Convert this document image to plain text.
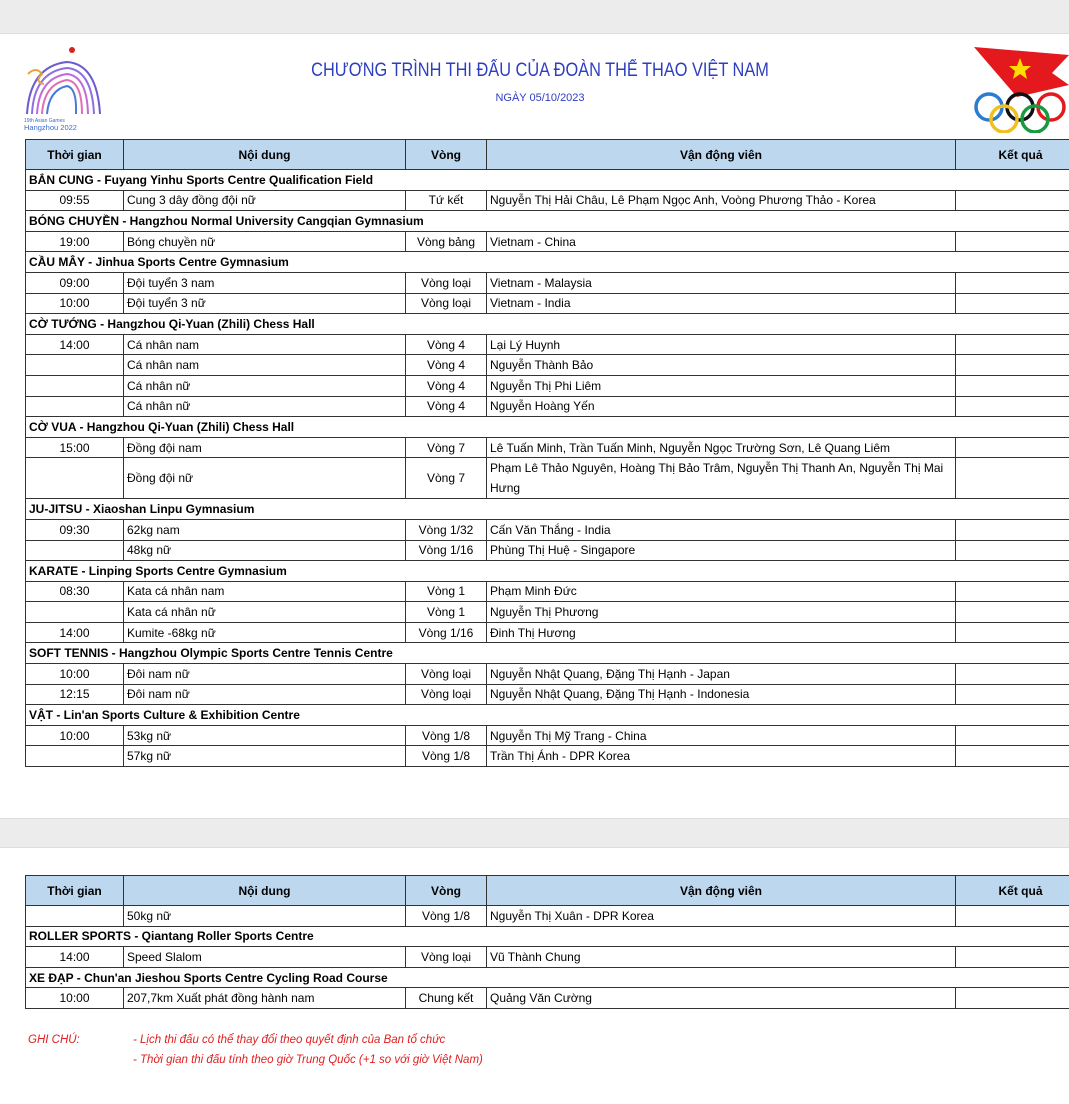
19th Asian Games
Hangzhou 2022
CHƯƠNG TRÌNH THI ĐẤU CỦA ĐOÀN THỂ THAO VIỆT NAM
NGÀY 05/10/2023
Thời gian	Nội dung	Vòng	Vận động viên	Kết quả
BẮN CUNG - Fuyang Yinhu Sports Centre Qualification Field				
09:55	Cung 3 dây đồng đội nữ	Tứ kết	Nguyễn Thị Hải Châu, Lê Phạm Ngọc Anh, Voòng Phương Thảo - Korea	
BÓNG CHUYỀN - Hangzhou Normal University Cangqian Gymnasium				
19:00	Bóng chuyền nữ	Vòng bảng	Vietnam - China	
CẦU MÂY - Jinhua Sports Centre Gymnasium				
09:00	Đội tuyển 3 nam	Vòng loại	Vietnam - Malaysia	
10:00	Đội tuyển 3 nữ	Vòng loại	Vietnam - India	
CỜ TƯỚNG - Hangzhou Qi-Yuan (Zhili) Chess Hall				
14:00	Cá nhân nam	Vòng 4	Lại Lý Huynh	
	Cá nhân nam	Vòng 4	Nguyễn Thành Bảo	
	Cá nhân nữ	Vòng 4	Nguyễn Thị Phi Liêm	
	Cá nhân nữ	Vòng 4	Nguyễn Hoàng Yến	
CỜ VUA - Hangzhou Qi-Yuan (Zhili) Chess Hall				
15:00	Đồng đội nam	Vòng 7	Lê Tuấn Minh, Trần Tuấn Minh, Nguyễn Ngọc Trường Sơn, Lê Quang Liêm	
	Đồng đội nữ	Vòng 7	Phạm Lê Thảo Nguyên, Hoàng Thị Bảo Trâm, Nguyễn Thị Thanh An, Nguyễn Thị Mai Hưng	
JU-JITSU - Xiaoshan Linpu Gymnasium				
09:30	62kg nam	Vòng 1/32	Cấn Văn Thắng - India	
	48kg nữ	Vòng 1/16	Phùng Thị Huệ - Singapore	
KARATE - Linping Sports Centre Gymnasium				
08:30	Kata cá nhân nam	Vòng 1	Phạm Minh Đức	
	Kata cá nhân nữ	Vòng 1	Nguyễn Thị Phương	
14:00	Kumite -68kg nữ	Vòng 1/16	Đinh Thị Hương	
SOFT TENNIS - Hangzhou Olympic Sports Centre Tennis Centre				
10:00	Đôi nam nữ	Vòng loại	Nguyễn Nhật Quang, Đặng Thị Hạnh - Japan	
12:15	Đôi nam nữ	Vòng loại	Nguyễn Nhật Quang, Đặng Thị Hạnh - Indonesia	
VẬT - Lin'an Sports Culture & Exhibition Centre				
10:00	53kg nữ	Vòng 1/8	Nguyễn Thị Mỹ Trang - China	
	57kg nữ	Vòng 1/8	Trần Thị Ánh - DPR Korea	
Thời gian	Nội dung	Vòng	Vận động viên	Kết quả
	50kg nữ	Vòng 1/8	Nguyễn Thị Xuân - DPR Korea	
ROLLER SPORTS - Qiantang Roller Sports Centre				
14:00	Speed Slalom	Vòng loại	Vũ Thành Chung	
XE ĐẠP - Chun'an Jieshou Sports Centre Cycling Road Course				
10:00	207,7km Xuất phát đồng hành nam	Chung kết	Quảng Văn Cường	
GHI CHÚ:	- Lịch thi đấu có thể thay đổi theo quyết định của Ban tổ chức
- Thời gian thi đấu tính theo giờ Trung Quốc (+1 so với giờ Việt Nam)
